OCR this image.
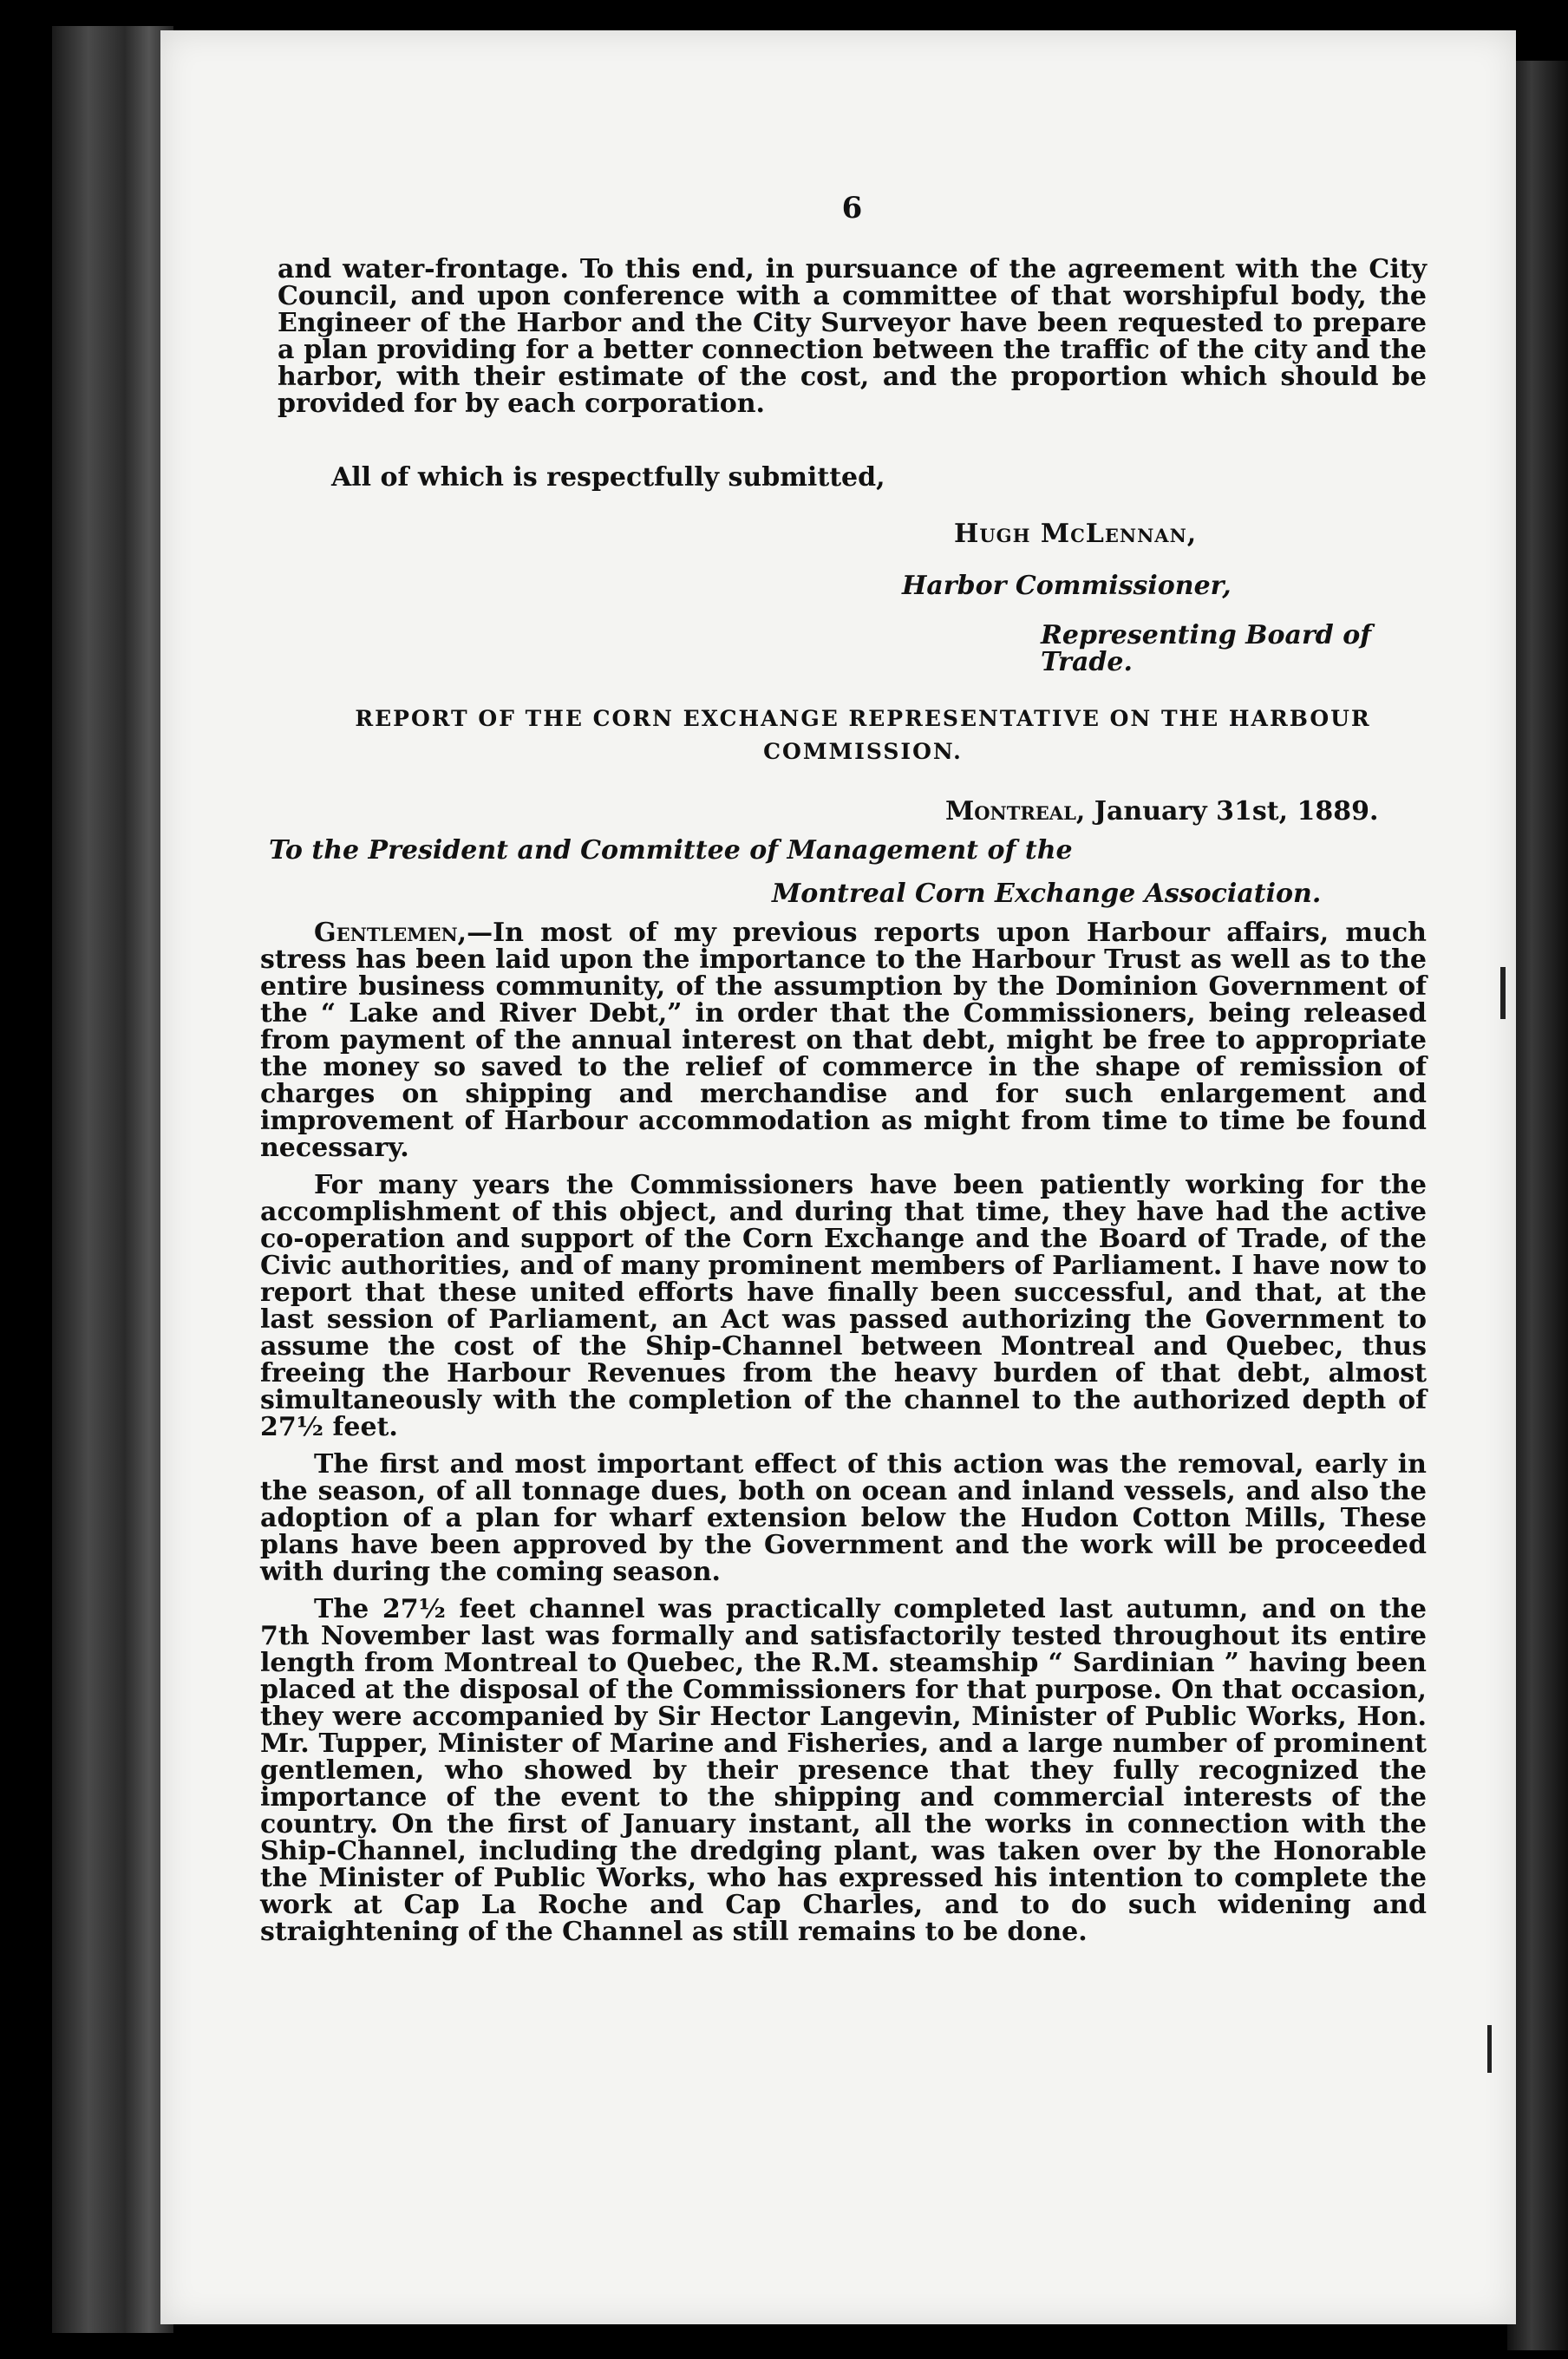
6

and water-frontage. To this end, in pursuance of the agreement with the City Council, and upon conference with a committee of that worshipful body, the Engineer of the Harbor and the City Surveyor have been requested to prepare a plan providing for a better connection between the traffic of the city and the harbor, with their estimate of the cost, and the proportion which should be provided for by each corporation.

All of which is respectfully submitted,
Hugh McLennan,
Harbor Commissioner,
Representing Board of Trade.
REPORT OF THE CORN EXCHANGE REPRESENTATIVE ON THE HARBOUR COMMISSION.
Montreal, January 31st, 1889.
To the President and Committee of Management of the
Montreal Corn Exchange Association.

Gentlemen,—In most of my previous reports upon Harbour affairs, much stress has been laid upon the importance to the Harbour Trust as well as to the entire business community, of the assumption by the Dominion Government of the “ Lake and River Debt,” in order that the Commissioners, being released from payment of the annual interest on that debt, might be free to appropriate the money so saved to the relief of commerce in the shape of remission of charges on shipping and merchandise and for such enlargement and improvement of Harbour accommodation as might from time to time be found necessary.

For many years the Commissioners have been patiently working for the accomplishment of this object, and during that time, they have had the active co-operation and support of the Corn Exchange and the Board of Trade, of the Civic authorities, and of many prominent members of Parliament. I have now to report that these united efforts have finally been successful, and that, at the last session of Parliament, an Act was passed authorizing the Government to assume the cost of the Ship-Channel between Montreal and Quebec, thus freeing the Harbour Revenues from the heavy burden of that debt, almost simultaneously with the completion of the channel to the authorized depth of 27½ feet.

The first and most important effect of this action was the removal, early in the season, of all tonnage dues, both on ocean and inland vessels, and also the adoption of a plan for wharf extension below the Hudon Cotton Mills, These plans have been approved by the Government and the work will be proceeded with during the coming season.

The 27½ feet channel was practically completed last autumn, and on the 7th November last was formally and satisfactorily tested throughout its entire length from Montreal to Quebec, the R.M. steamship “ Sardinian ” having been placed at the disposal of the Commissioners for that purpose. On that occasion, they were accompanied by Sir Hector Langevin, Minister of Public Works, Hon. Mr. Tupper, Minister of Marine and Fisheries, and a large number of prominent gentlemen, who showed by their presence that they fully recognized the importance of the event to the shipping and commercial interests of the country. On the first of January instant, all the works in connection with the Ship-Channel, including the dredging plant, was taken over by the Honorable the Minister of Public Works, who has expressed his intention to complete the work at Cap La Roche and Cap Charles, and to do such widening and straightening of the Channel as still remains to be done.
